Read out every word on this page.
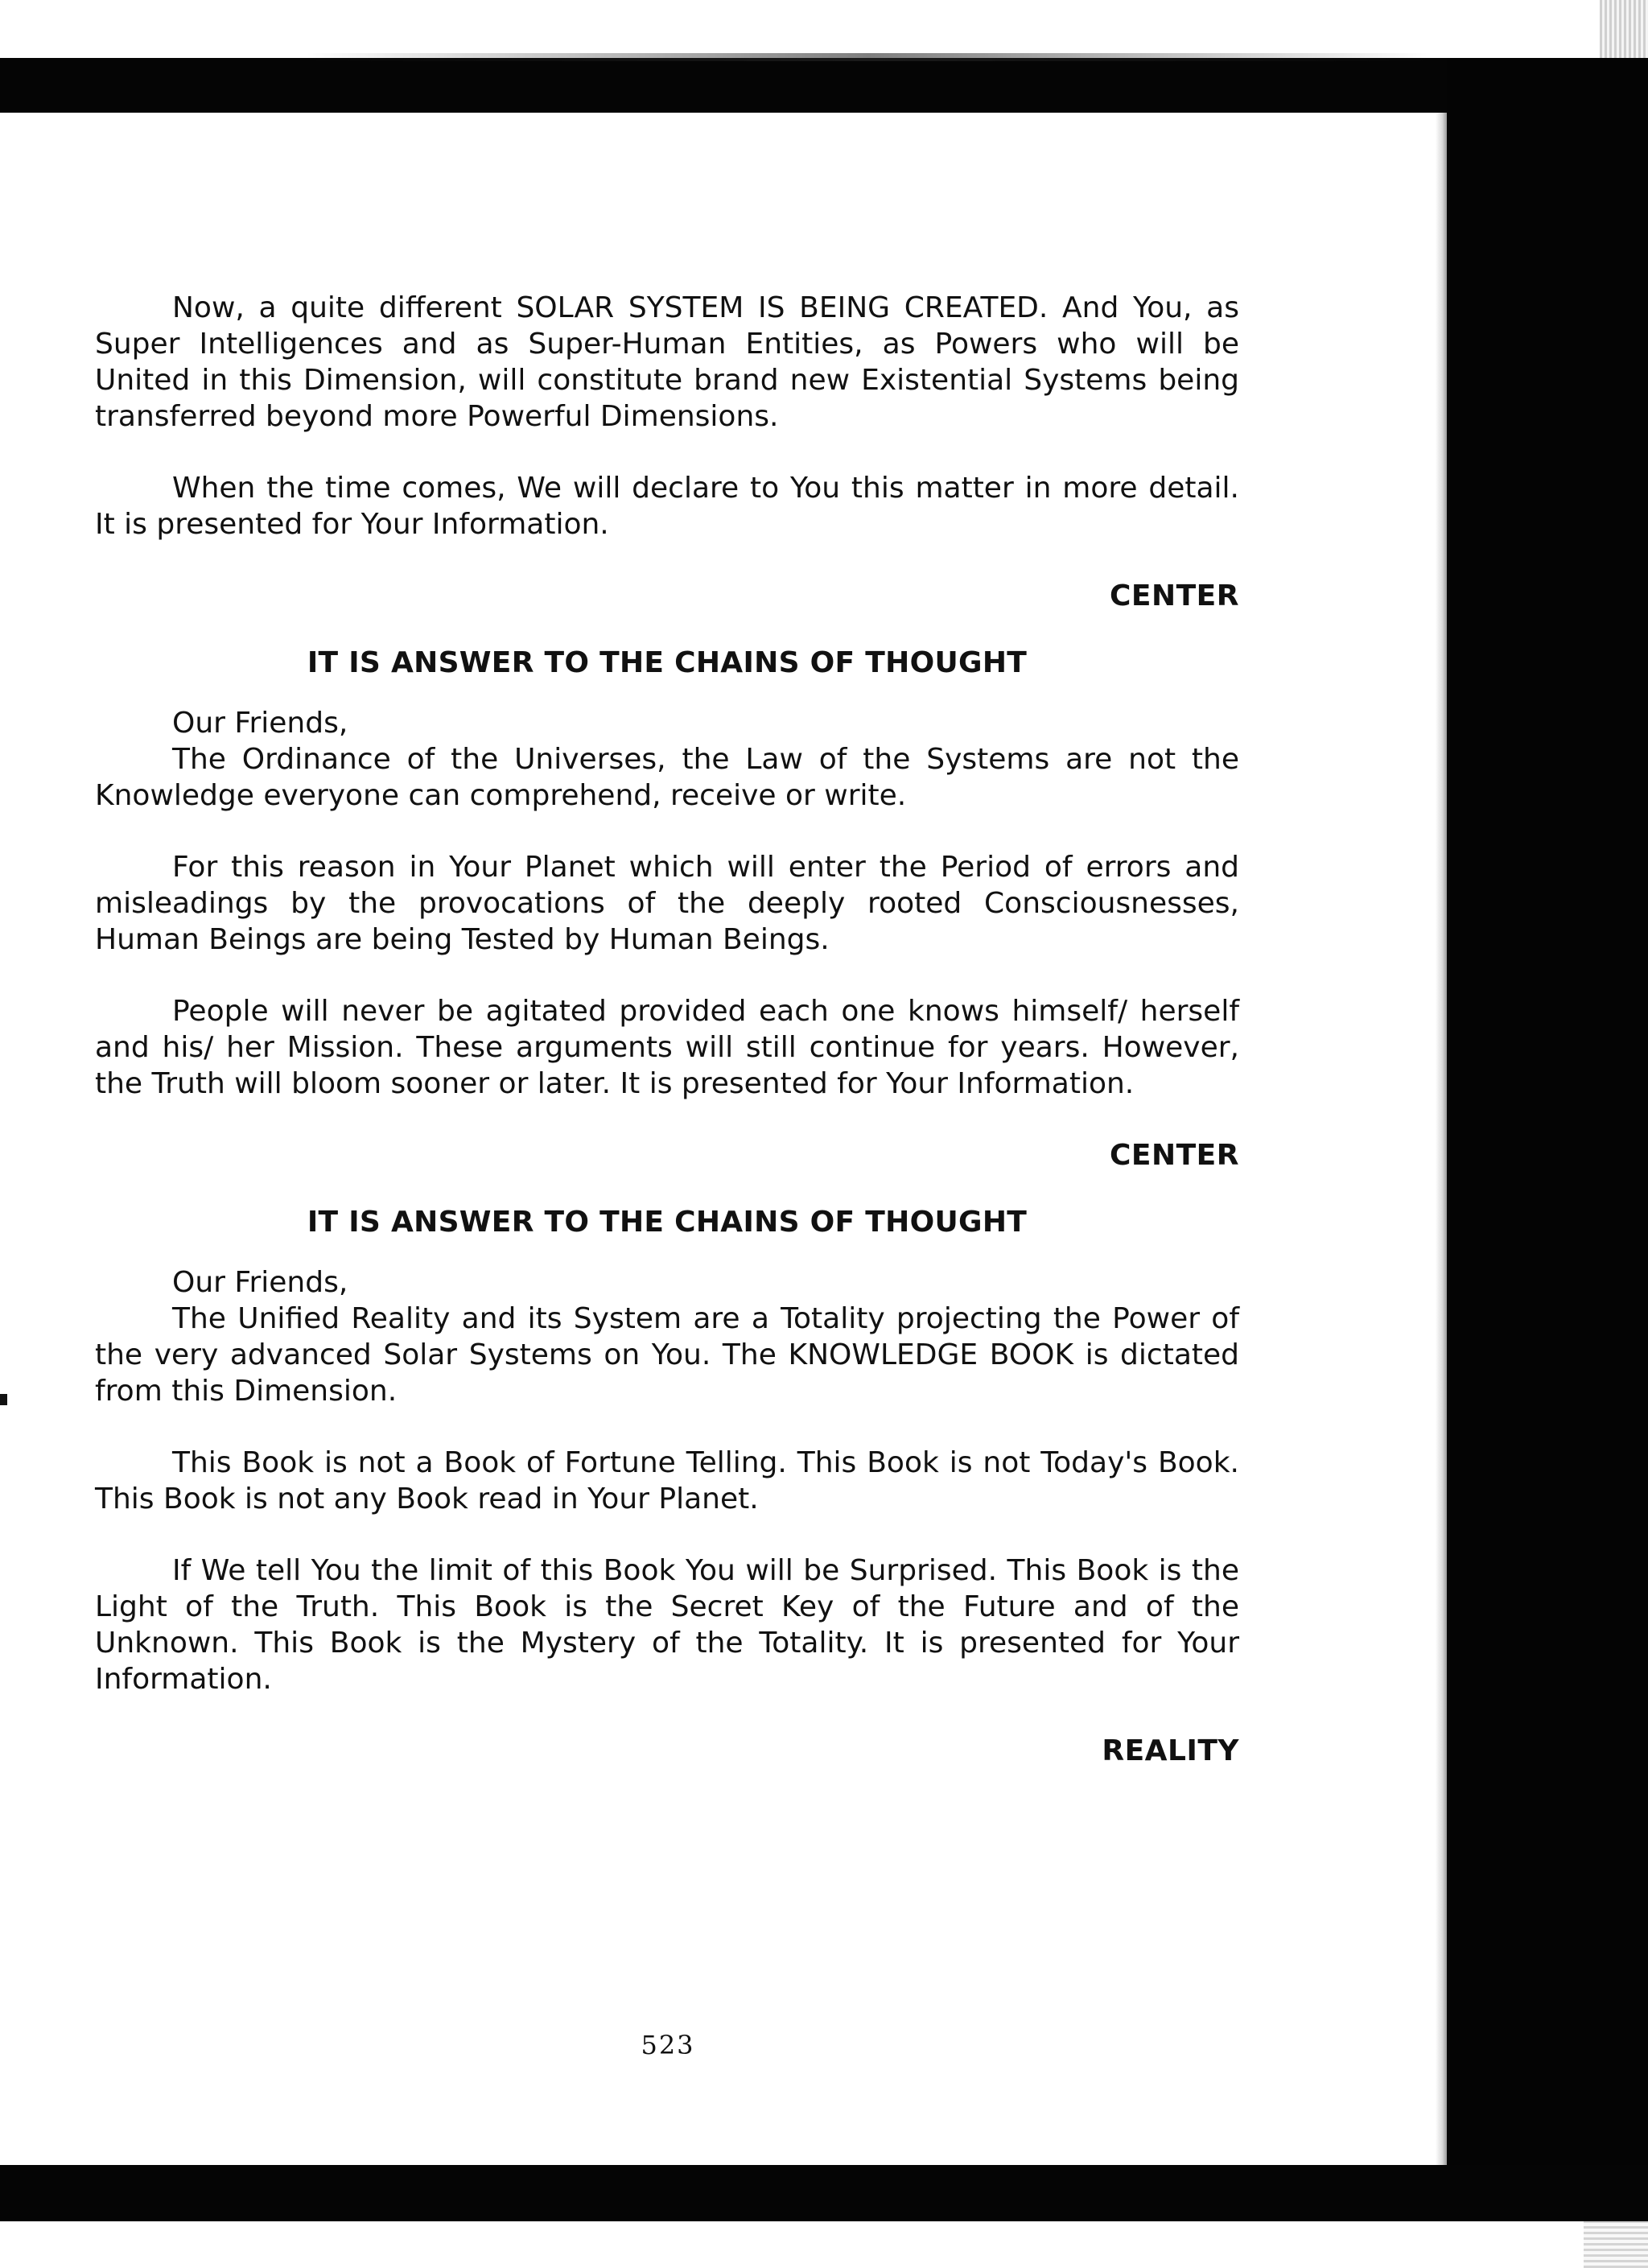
Now, a quite different SOLAR SYSTEM IS BEING CREATED. And You, as Super Intelligences and as Super-Human Entities, as Powers who will be United in this Dimension, will constitute brand new Existential Systems being transferred beyond more Powerful Dimensions.

When the time comes, We will declare to You this matter in more detail. It is presented for Your Information.

CENTER
IT IS ANSWER TO THE CHAINS OF THOUGHT

Our Friends,

The Ordinance of the Universes, the Law of the Systems are not the Knowledge everyone can comprehend, receive or write.

For this reason in Your Planet which will enter the Period of errors and misleadings by the provocations of the deeply rooted Consciousnesses, Human Beings are being Tested by Human Beings.

People will never be agitated provided each one knows himself/ herself and his/ her Mission. These arguments will still continue for years. However, the Truth will bloom sooner or later. It is presented for Your Information.

CENTER
IT IS ANSWER TO THE CHAINS OF THOUGHT

Our Friends,

The Unified Reality and its System are a Totality projecting the Power of the very advanced Solar Systems on You. The KNOWLEDGE BOOK is dictated from this Dimension.

This Book is not a Book of Fortune Telling. This Book is not Today's Book. This Book is not any Book read in Your Planet.

If We tell You the limit of this Book You will be Surprised. This Book is the Light of the Truth. This Book is the Secret Key of the Future and of the Unknown. This Book is the Mystery of the Totality. It is presented for Your Information.

REALITY
523
